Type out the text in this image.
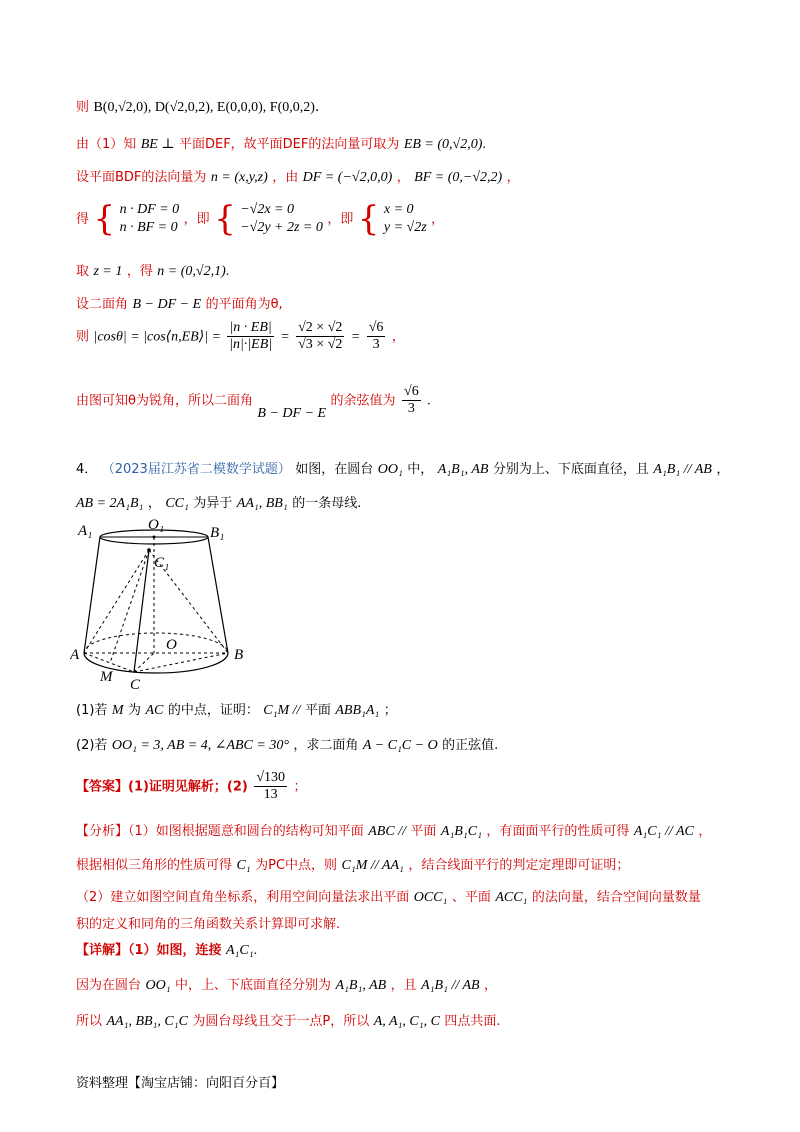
则 B(0,√2,0), D(√2,0,2), E(0,0,0), F(0,0,2).
由（1）知 BE ⊥ 平面DEF，故平面DEF的法向量可取为 EB = (0,√2,0).
设平面BDF的法向量为 n = (x,y,z) ，由 DF = (−√2,0,0) ， BF = (0,−√2,2) ，
得 { n · DF = 0
n · BF = 0
，即 { −√2x = 0
−√2y + 2z = 0
，即 { x = 0
y = √2z
，
取 z = 1 ，得 n = (0,√2,1).
设二面角 B − DF − E 的平面角为θ,
则 |cosθ| = |cos⟨n,EB⟩| = $\frac{|n \cdot EB|}{|n|\cdot|EB|} = \frac{√2 \times √2}{√3 \times √2} = \frac{√6}{3}$ ，
由图可知θ为锐角，所以二面角 B − DF − E 的余弦值为 $\frac{√6}{3}$ .
4． （2023届江苏省二模数学试题） 如图，在圆台 OO₁ 中， A₁B₁, AB 分别为上、下底面直径，且 A₁B₁ // AB ，
AB = 2A₁B₁ ， CC₁ 为异于 AA₁, BB₁ 的一条母线.
A₁	O₁	B₁
C₁
A
O
B
M C
(1)若 M 为 AC 的中点，证明： C₁M // 平面 ABB₁A₁ ；
(2)若 OO₁ = 3, AB = 4, ∠ABC = 30° ，求二面角 A − C₁C − O 的正弦值.
【答案】(1)证明见解析；$(2) \frac{√130}{13}$ ；
【分析】（1）如图根据题意和圆台的结构可知平面 ABC // 平面 A₁B₁C₁ ，有面面平行的性质可得 A₁C₁ // AC ，
根据相似三角形的性质可得 C₁ 为PC中点，则 C₁M // AA₁ ，结合线面平行的判定定理即可证明；
（2）建立如图空间直角坐标系，利用空间向量法求出平面 OCC₁ 、平面 ACC₁ 的法向量，结合空间向量数量
积的定义和同角的三角函数关系计算即可求解.
【详解】（1）如图，连接 A₁C₁.
因为在圆台 OO₁ 中，上、下底面直径分别为 A₁B₁, AB ，且 A₁B₁ // AB ，
所以 AA₁, BB₁, C₁C 为圆台母线且交于一点P，所以 A, A₁, C₁, C 四点共面.
资料整理【淘宝店铺：向阳百分百】
